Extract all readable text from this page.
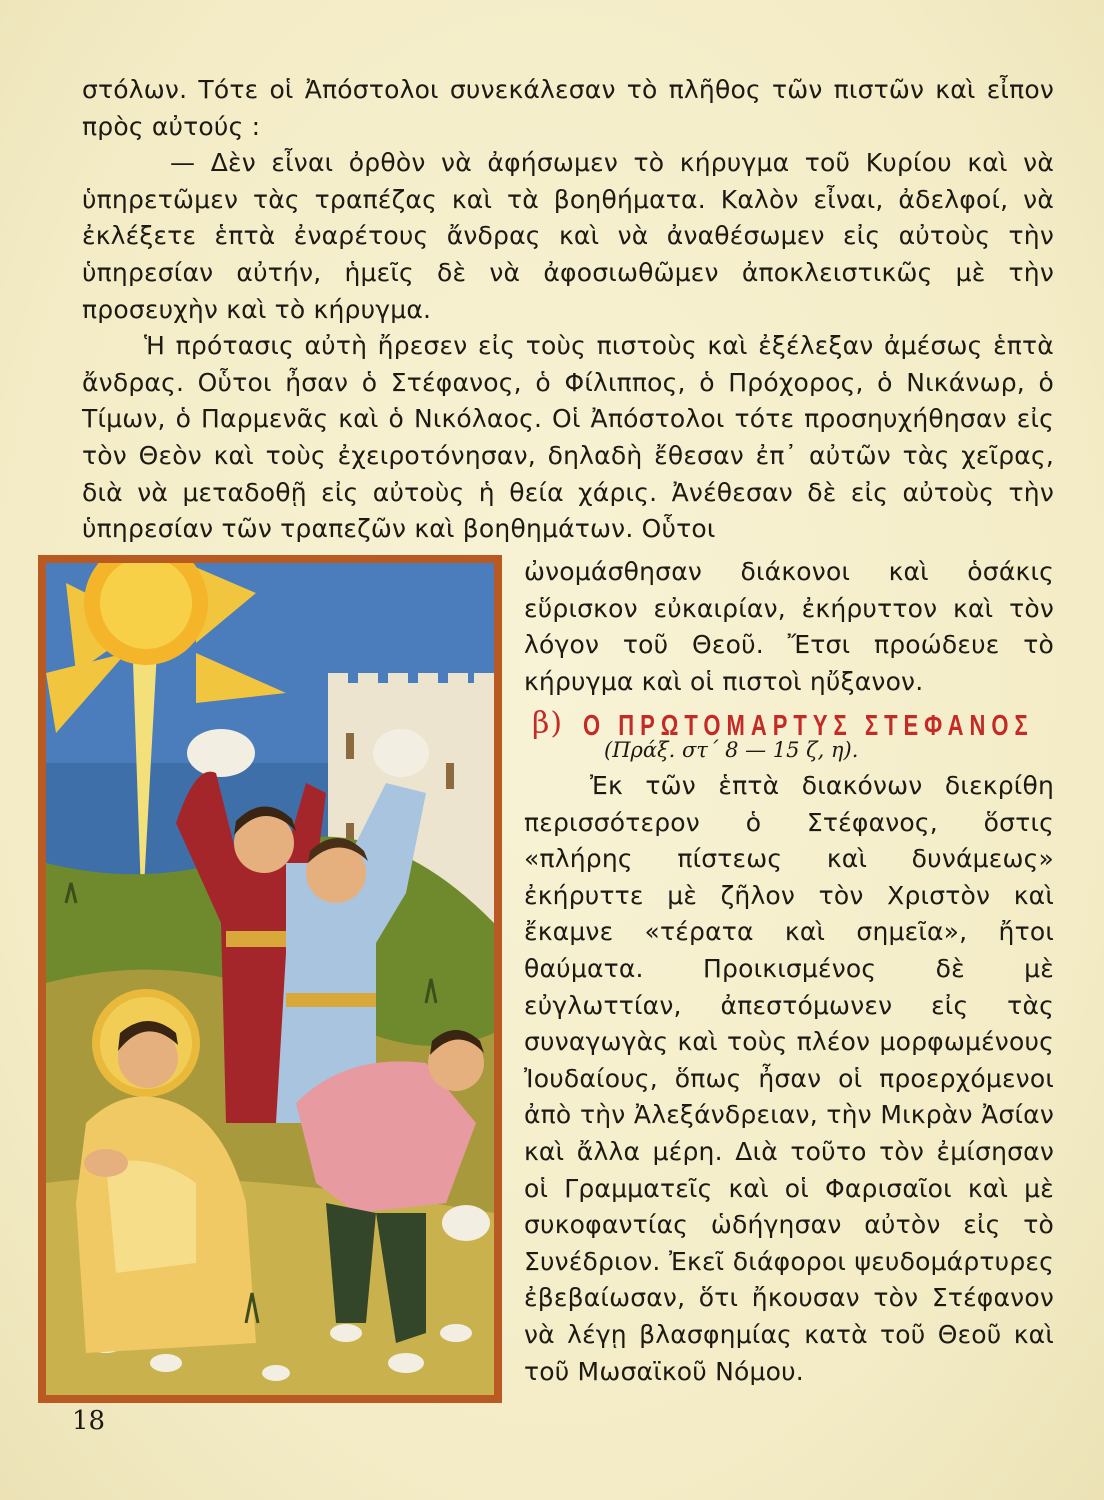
στόλων. Τότε οἱ Ἀπόστολοι συνεκάλεσαν τὸ πλῆθος τῶν πιστῶν καὶ εἶπον πρὸς αὐτούς :

— Δὲν εἶναι ὀρθὸν νὰ ἀφήσωμεν τὸ κήρυγμα τοῦ Κυρίου καὶ νὰ ὑπηρετῶμεν τὰς τραπέζας καὶ τὰ βοηθήματα. Καλὸν εἶναι, ἀδελφοί, νὰ ἐκλέξετε ἑπτὰ ἐναρέτους ἄνδρας καὶ νὰ ἀναθέσωμεν εἰς αὐτοὺς τὴν ὑπηρεσίαν αὐτήν, ἡμεῖς δὲ νὰ ἀφοσιωθῶμεν ἀποκλειστικῶς μὲ τὴν προσευχὴν καὶ τὸ κήρυγμα.

Ἡ πρότασις αὐτὴ ἤρεσεν εἰς τοὺς πιστοὺς καὶ ἐξέλεξαν ἀμέσως ἑπτὰ ἄνδρας. Οὗτοι ἦσαν ὁ Στέφανος, ὁ Φίλιππος, ὁ Πρόχορος, ὁ Νικάνωρ, ὁ Τίμων, ὁ Παρμενᾶς καὶ ὁ Νικόλαος. Οἱ Ἀπόστολοι τότε προσηυχήθησαν εἰς τὸν Θεὸν καὶ τοὺς ἐχειροτόνησαν, δηλαδὴ ἔθεσαν ἐπ᾽ αὐτῶν τὰς χεῖρας, διὰ νὰ μεταδοθῇ εἰς αὐτοὺς ἡ θεία χάρις. Ἀνέθεσαν δὲ εἰς αὐτοὺς τὴν ὑπηρεσίαν τῶν τραπεζῶν καὶ βοηθημάτων. Οὗτοι

ὠνομάσθησαν διάκονοι καὶ ὁσάκις εὕρισκον εὐκαιρίαν, ἐκήρυττον καὶ τὸν λόγον τοῦ Θεοῦ. Ἔτσι προώδευε τὸ κήρυγμα καὶ οἱ πιστοὶ ηὔξανον.

β) Ο ΠΡΩΤΟΜΑΡΤΥΣ ΣΤΕΦΑΝΟΣ
(Πράξ. στ´ 8 — 15 ζ, η).

Ἐκ τῶν ἑπτὰ διακόνων διεκρίθη περισσότερον ὁ Στέφανος, ὅστις «πλήρης πίστεως καὶ δυνάμεως» ἐκήρυττε μὲ ζῆλον τὸν Χριστὸν καὶ ἔκαμνε «τέρατα καὶ σημεῖα», ἤτοι θαύματα. Προικισμένος δὲ μὲ εὐγλωττίαν, ἀπεστόμωνεν εἰς τὰς συναγωγὰς καὶ τοὺς πλέον μορφωμένους Ἰουδαίους, ὅπως ἦσαν οἱ προερχόμενοι ἀπὸ τὴν Ἀλεξάνδρειαν, τὴν Μικρὰν Ἀσίαν καὶ ἄλλα μέρη. Διὰ τοῦτο τὸν ἐμίσησαν οἱ Γραμματεῖς καὶ οἱ Φαρισαῖοι καὶ μὲ συκοφαντίας ὡδήγησαν αὐτὸν εἰς τὸ Συνέδριον. Ἐκεῖ διάφοροι ψευδομάρτυρες ἐβεβαίωσαν, ὅτι ἤκουσαν τὸν Στέφανον νὰ λέγῃ βλασφημίας κατὰ τοῦ Θεοῦ καὶ τοῦ Μωσαϊκοῦ Νόμου.

18
